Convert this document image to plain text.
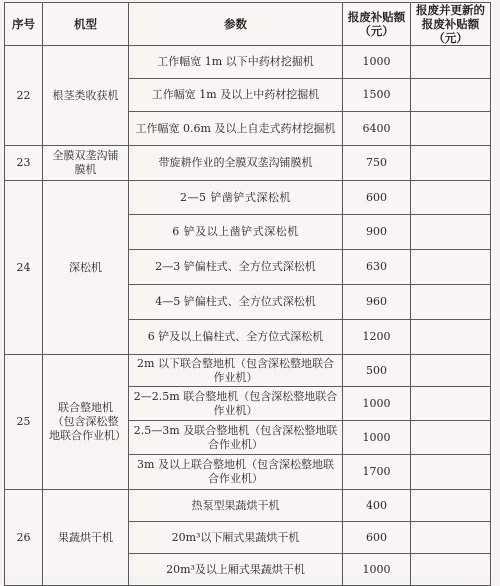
序号	机型	参数	报废补贴额（元）	报废并更新的报废补贴额（元）
22	根茎类收获机	工作幅宽 1m 以下中药材挖掘机	1000	
		工作幅宽 1m 及以上中药材挖掘机	1500	
		工作幅宽 0.6m 及以上自走式药材挖掘机	6400	
23	全膜双垄沟铺膜机	带旋耕作业的全膜双垄沟铺膜机	750	
24	深松机	2—5 铲凿铲式深松机	600	
		6 铲及以上凿铲式深松机	900	
		2—3 铲偏柱式、全方位式深松机	630	
		4—5 铲偏柱式、全方位式深松机	960	
		6 铲及以上偏柱式、全方位式深松机	1200	
25	联合整地机（包含深松整地联合作业机）	2m 以下联合整地机（包含深松整地联合作业机）	500	
		2—2.5m 联合整地机（包含深松整地联合作业机）	1000	
		2.5—3m 及联合整地机（包含深松整地联合作业机）	1000	
		3m 及以上联合整地机（包含深松整地联合作业机）	1700	
26	果蔬烘干机	热泵型果蔬烘干机	400	
		20m³以下厢式果蔬烘干机	600	
		20m³及以上厢式果蔬烘干机	1000	
